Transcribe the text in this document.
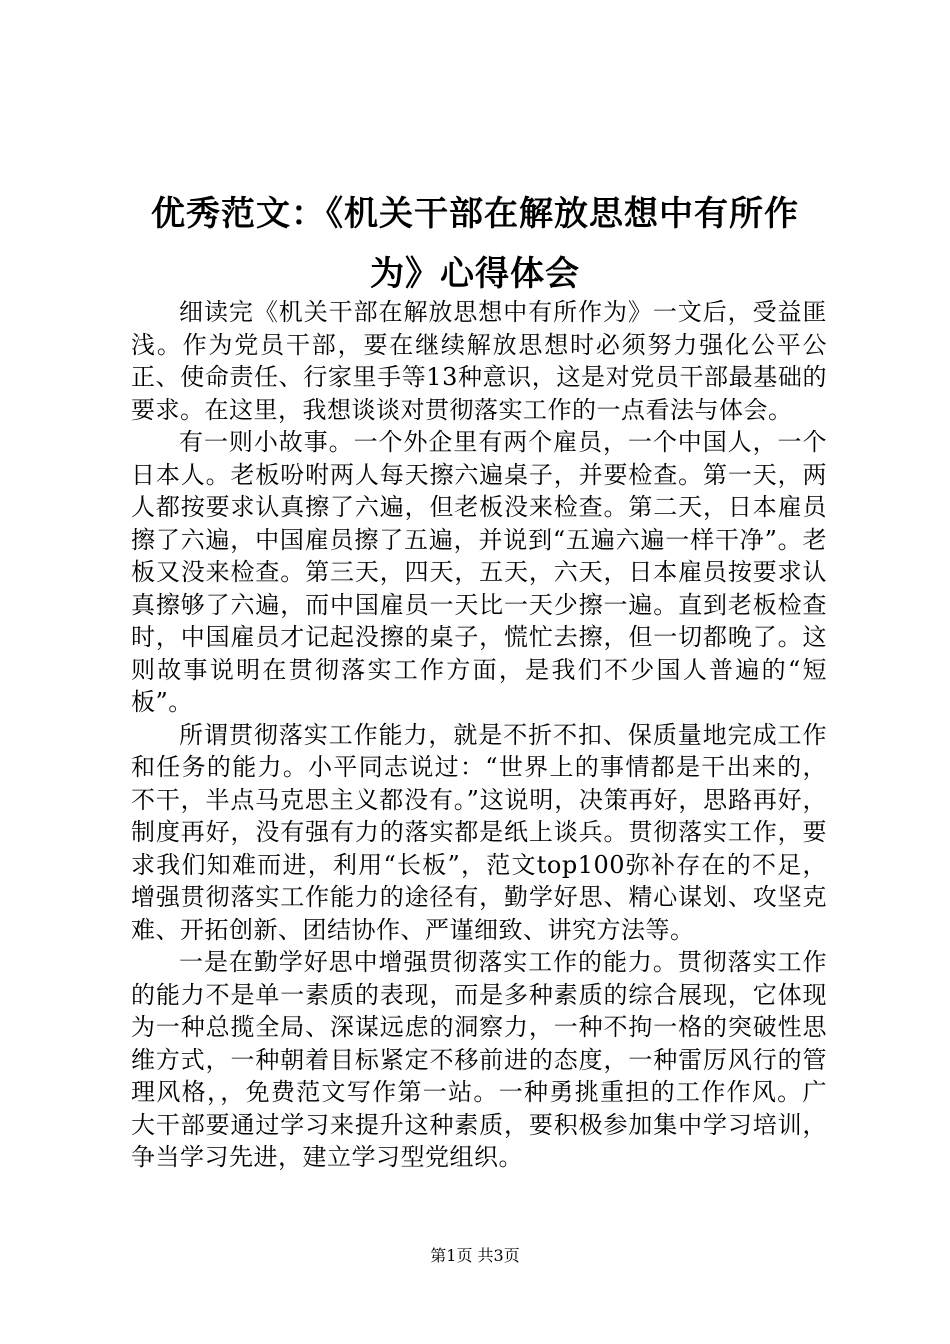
优秀范文：《机关干部在解放思想中有所作
为》心得体会

细读完《机关干部在解放思想中有所作为》一文后，受益匪浅。作为党员干部，要在继续解放思想时必须努力强化公平公正、使命责任、行家里手等13种意识，这是对党员干部最基础的要求。在这里，我想谈谈对贯彻落实工作的一点看法与体会。

有一则小故事。一个外企里有两个雇员，一个中国人，一个日本人。老板吩咐两人每天擦六遍桌子，并要检查。第一天，两人都按要求认真擦了六遍，但老板没来检查。第二天，日本雇员擦了六遍，中国雇员擦了五遍，并说到“五遍六遍一样干净”。老板又没来检查。第三天，四天，五天，六天，日本雇员按要求认真擦够了六遍，而中国雇员一天比一天少擦一遍。直到老板检查时，中国雇员才记起没擦的桌子，慌忙去擦，但一切都晚了。这则故事说明在贯彻落实工作方面，是我们不少国人普遍的“短板”。

所谓贯彻落实工作能力，就是不折不扣、保质量地完成工作和任务的能力。小平同志说过：“世界上的事情都是干出来的，不干，半点马克思主义都没有。”这说明，决策再好，思路再好，制度再好，没有强有力的落实都是纸上谈兵。贯彻落实工作，要求我们知难而进，利用“长板”，范文top100弥补存在的不足，增强贯彻落实工作能力的途径有，勤学好思、精心谋划、攻坚克难、开拓创新、团结协作、严谨细致、讲究方法等。

一是在勤学好思中增强贯彻落实工作的能力。贯彻落实工作的能力不是单一素质的表现，而是多种素质的综合展现，它体现为一种总揽全局、深谋远虑的洞察力，一种不拘一格的突破性思维方式，一种朝着目标紧定不移前进的态度，一种雷厉风行的管理风格，，免费范文写作第一站。一种勇挑重担的工作作风。广大干部要通过学习来提升这种素质，要积极参加集中学习培训，争当学习先进，建立学习型党组织。

第1页 共3页
